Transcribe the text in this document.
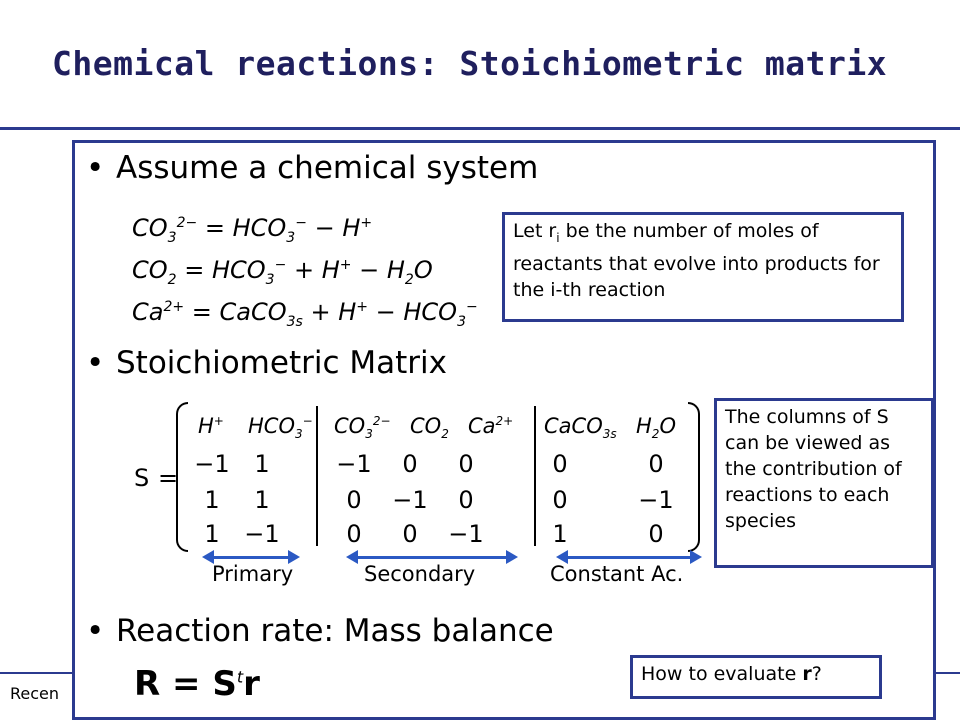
Chemical reactions: Stoichiometric matrix
Recen
• Assume a chemical system
• Stoichiometric Matrix
• Reaction rate: Mass balance
$CO_3^{2-} = HCO_3^- - H^+$
$CO_2 = HCO_3^- + H^+ - H_2O$
$Ca^{2+}$ = CaCO$_{3s}$ + $H^+ - HCO_3^-$
Let $r_i$ be the number of moles of reactants that evolve into products for the i-th reaction
S =
H+ $HCO_3^-$ $CO_3^{2-}$ $CO_2$ $Ca^{2+}$ CaCO$_{3s}$ $H_2O$
−1	1	−1	0	0	0	0
1	1	0	−1	0	0	−1
1	−1	0	0	−1	1	0
Primary	Secondary	Constant Ac.
The columns of S can be viewed as the contribution of reactions to each species
$R = S^tr$	How to evaluate r?
